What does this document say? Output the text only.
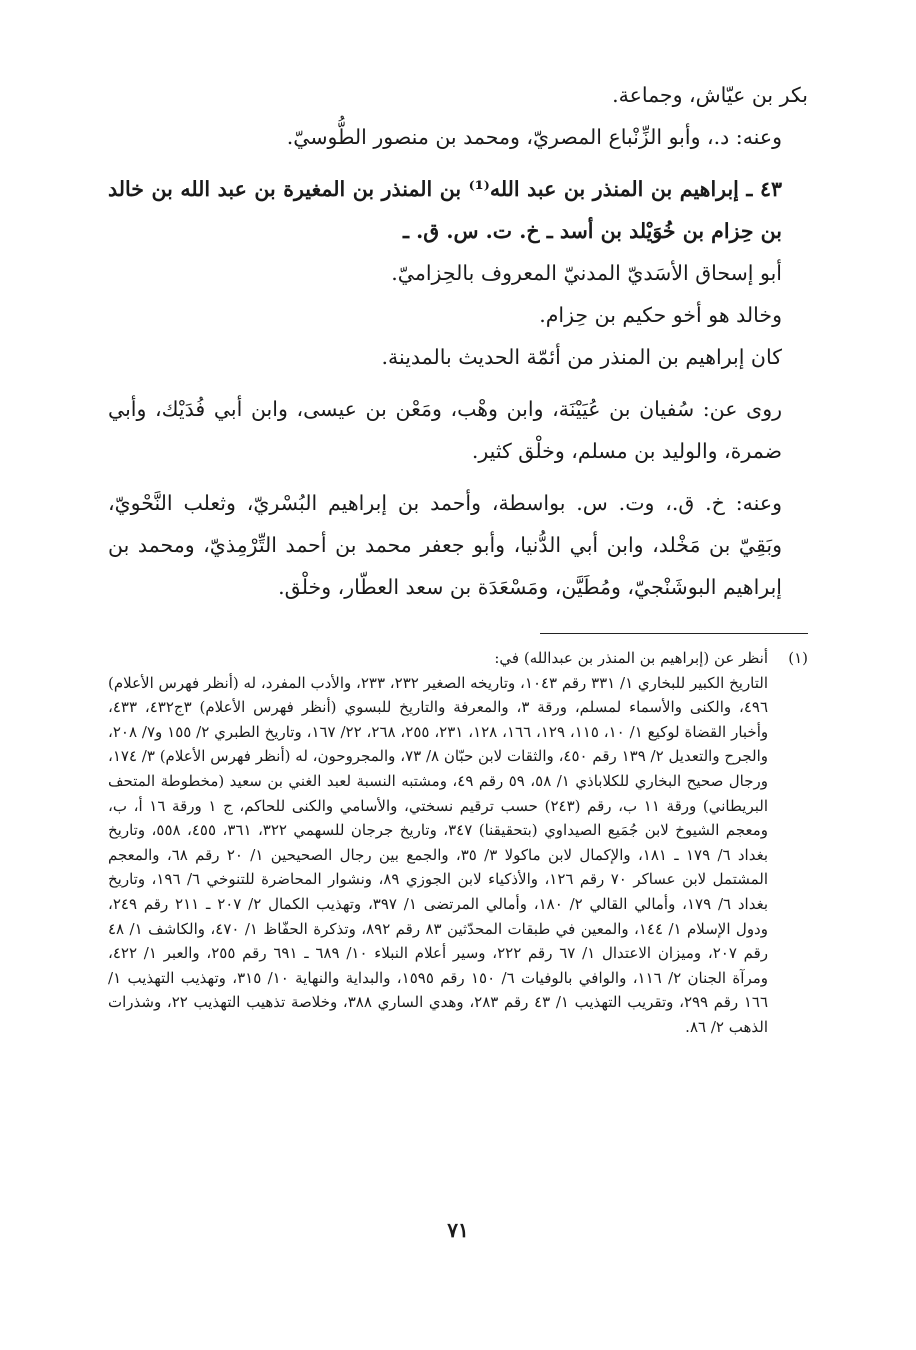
بكر بن عيّاش، وجماعة.

وعنه: د.، وأبو الزِّنْباع المصريّ، ومحمد بن منصور الطُّوسيّ.

٤٣ ـ إبراهيم بن المنذر بن عبد الله⁽¹⁾ بن المنذر بن المغيرة بن عبد الله بن خالد بن حِزام بن خُوَيْلد بن أسد ـ خ. ت. س. ق. ـ

أبو إسحاق الأسَديّ المدنيّ المعروف بالحِزاميّ.

وخالد هو أخو حكيم بن حِزام.

كان إبراهيم بن المنذر من أئمّة الحديث بالمدينة.

روى عن: سُفيان بن عُيَيْنَة، وابن وهْب، ومَعْن بن عيسى، وابن أبي فُدَيْك، وأبي ضمرة، والوليد بن مسلم، وخلْق كثير.

وعنه: خ. ق.، وت. س. بواسطة، وأحمد بن إبراهيم البُسْريّ، وثعلب النَّحْويّ، وبَقِيّ بن مَخْلد، وابن أبي الدُّنيا، وأبو جعفر محمد بن أحمد التِّرْمِذيّ، ومحمد بن إبراهيم البوشَنْجيّ، ومُطَيَّن، ومَسْعَدَة بن سعد العطّار، وخلْق.

(١)

أنظر عن (إبراهيم بن المنذر بن عبدالله) في:

التاريخ الكبير للبخاري ١/ ٣٣١ رقم ١٠٤٣، وتاريخه الصغير ٢٣٢، ٢٣٣، والأدب المفرد، له (أنظر فهرس الأعلام) ٤٩٦، والكنى والأسماء لمسلم، ورقة ٣، والمعرفة والتاريخ للبسوي (أنظر فهرس الأعلام) ٣ج٤٣٢، ٤٣٣، وأخبار القضاة لوكيع ١/ ١٠، ١١٥، ١٢٩، ١٦٦، ١٢٨، ٢٣١، ٢٥٥، ٢٦٨، ٢٢/ ١٦٧، وتاريخ الطبري ٢/ ١٥٥ و٧/ ٢٠٨، والجرح والتعديل ٢/ ١٣٩ رقم ٤٥٠، والثقات لابن حبّان ٨/ ٧٣، والمجروحون، له (أنظر فهرس الأعلام) ٣/ ١٧٤، ورجال صحيح البخاري للكلاباذي ١/ ٥٨، ٥٩ رقم ٤٩، ومشتبه النسبة لعبد الغني بن سعيد (مخطوطة المتحف البريطاني) ورقة ١١ ب، رقم (٢٤٣) حسب ترقيم نسختي، والأسامي والكنى للحاكم، ج ١ ورقة ١٦ أ، ب، ومعجم الشيوخ لابن جُمَيع الصيداوي (بتحقيقنا) ٣٤٧، وتاريخ جرجان للسهمي ٣٢٢، ٣٦١، ٤٥٥، ٥٥٨، وتاريخ بغداد ٦/ ١٧٩ ـ ١٨١، والإكمال لابن ماكولا ٣/ ٣٥، والجمع بين رجال الصحيحين ١/ ٢٠ رقم ٦٨، والمعجم المشتمل لابن عساكر ٧٠ رقم ١٢٦، والأذكياء لابن الجوزي ٨٩، ونشوار المحاضرة للتنوخي ٦/ ١٩٦، وتاريخ بغداد ٦/ ١٧٩، وأمالي القالي ٢/ ١٨٠، وأمالي المرتضى ١/ ٣٩٧، وتهذيب الكمال ٢/ ٢٠٧ ـ ٢١١ رقم ٢٤٩، ودول الإسلام ١/ ١٤٤، والمعين في طبقات المحدّثين ٨٣ رقم ٨٩٢، وتذكرة الحفّاظ ١/ ٤٧٠، والكاشف ١/ ٤٨ رقم ٢٠٧، وميزان الاعتدال ١/ ٦٧ رقم ٢٢٢، وسير أعلام النبلاء ١٠/ ٦٨٩ ـ ٦٩١ رقم ٢٥٥، والعبر ١/ ٤٢٢، ومرآة الجنان ٢/ ١١٦، والوافي بالوفيات ٦/ ١٥٠ رقم ١٥٩٥، والبداية والنهاية ١٠/ ٣١٥، وتهذيب التهذيب ١/ ١٦٦ رقم ٢٩٩، وتقريب التهذيب ١/ ٤٣ رقم ٢٨٣، وهدي الساري ٣٨٨، وخلاصة تذهيب التهذيب ٢٢، وشذرات الذهب ٢/ ٨٦.

٧١
